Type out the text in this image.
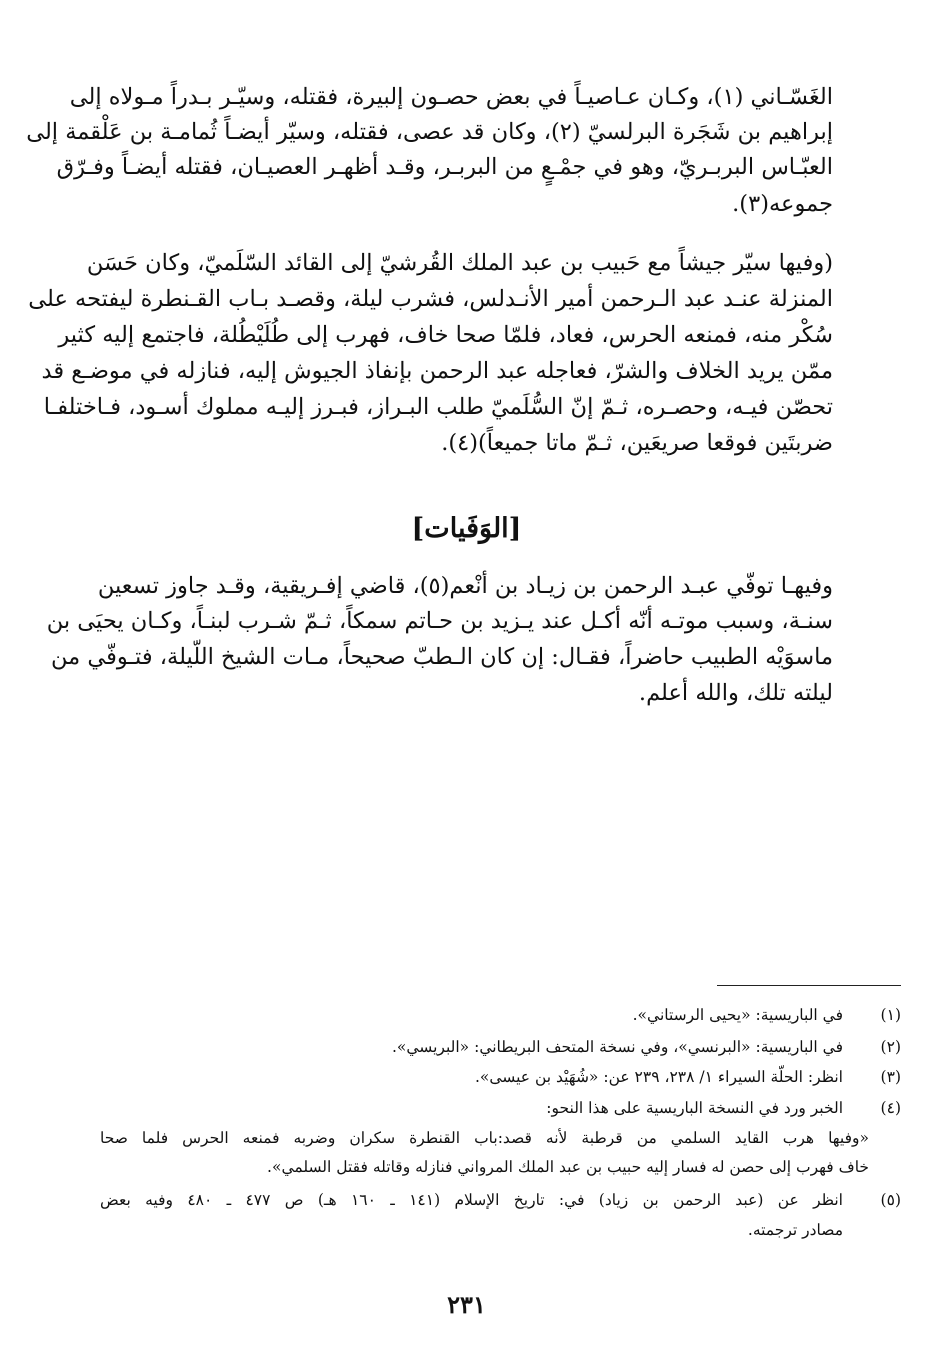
الغَسّـاني (١)، وكـان عـاصيـاً في بعض حصـون إلبيرة، فقتله، وسيّـر بـدراً مـولاه إلى
إبراهيم بن شَجَرة البرلسيّ (٢)، وكان قد عصى، فقتله، وسيّر أيضـاً ثُمامـة بن عَلْقمة إلى
العبّـاس البربـريّ، وهو في جمْـعٍ من البربـر، وقـد أظهـر العصيـان، فقتله أيضـاً وفـرّق
جموعه(٣).
(وفيها سيّر جيشاً مع حَبيب بن عبد الملك القُرشيّ إلى القائد السّلَميّ، وكان حَسَن
المنزلة عنـد عبد الـرحمن أمير الأنـدلس، فشرب ليلة، وقصـد بـاب القـنطرة ليفتحه على
سُكْر منه، فمنعه الحرس، فعاد، فلمّا صحا خاف، فهرب إلى طُلَيْطُلة، فاجتمع إليه كثير
ممّن يريد الخلاف والشرّ، فعاجله عبد الرحمن بإنفاذ الجيوش إليه، فنازله في موضـع قد
تحصّن فيـه، وحصـره، ثـمّ إنّ السُّلَميّ طلب البـراز، فبـرز إليـه مملوك أسـود، فـاختلفـا
ضربتَين فوقعا صريعَين، ثـمّ ماتا جميعاً)(٤).
[الوَفَيات]
وفيهـا توفّي عبـد الرحمن بن زيـاد بن أنْعم(٥)، قاضي إفـريقية، وقـد جاوز تسعين
سنـة، وسبب موتـه أنّه أكـل عند يـزيد بن حـاتم سمكاً، ثـمّ شـرب لبنـاً، وكـان يحيَى بن
ماسوَيْه الطبيب حاضراً، فقـال: إن كان الـطبّ صحيحاً، مـات الشيخ اللّيلة، فتـوفّي من
ليلته تلك، والله أعلم.
(١)
في الباريسية: «يحيى الرستاني».
(٢)
في الباريسية: «البرنسي»، وفي نسخة المتحف البريطاني: «البريسي».
(٣)
انظر: الحلّة السيراء ١/ ٢٣٨، ٢٣٩ عن: «شُهَيْد بن عيسى».
(٤)
الخبر ورد في النسخة الباريسية على هذا النحو:
«وفيها هرب القايد السلمي من قرطبة لأنه قصد:باب القنطرة سكران وضربه فمنعه الحرس فلما صحا
خاف فهرب إلى حصن له فسار إليه حبيب بن عبد الملك المرواني فنازله وقاتله فقتل السلمي».
(٥)
انظر عن (عبد الرحمن بن زياد) في: تاريخ الإسلام (١٤١ ـ ١٦٠ هـ) ص ٤٧٧ ـ ٤٨٠ وفيه بعض
مصادر ترجمته.
٢٣١
